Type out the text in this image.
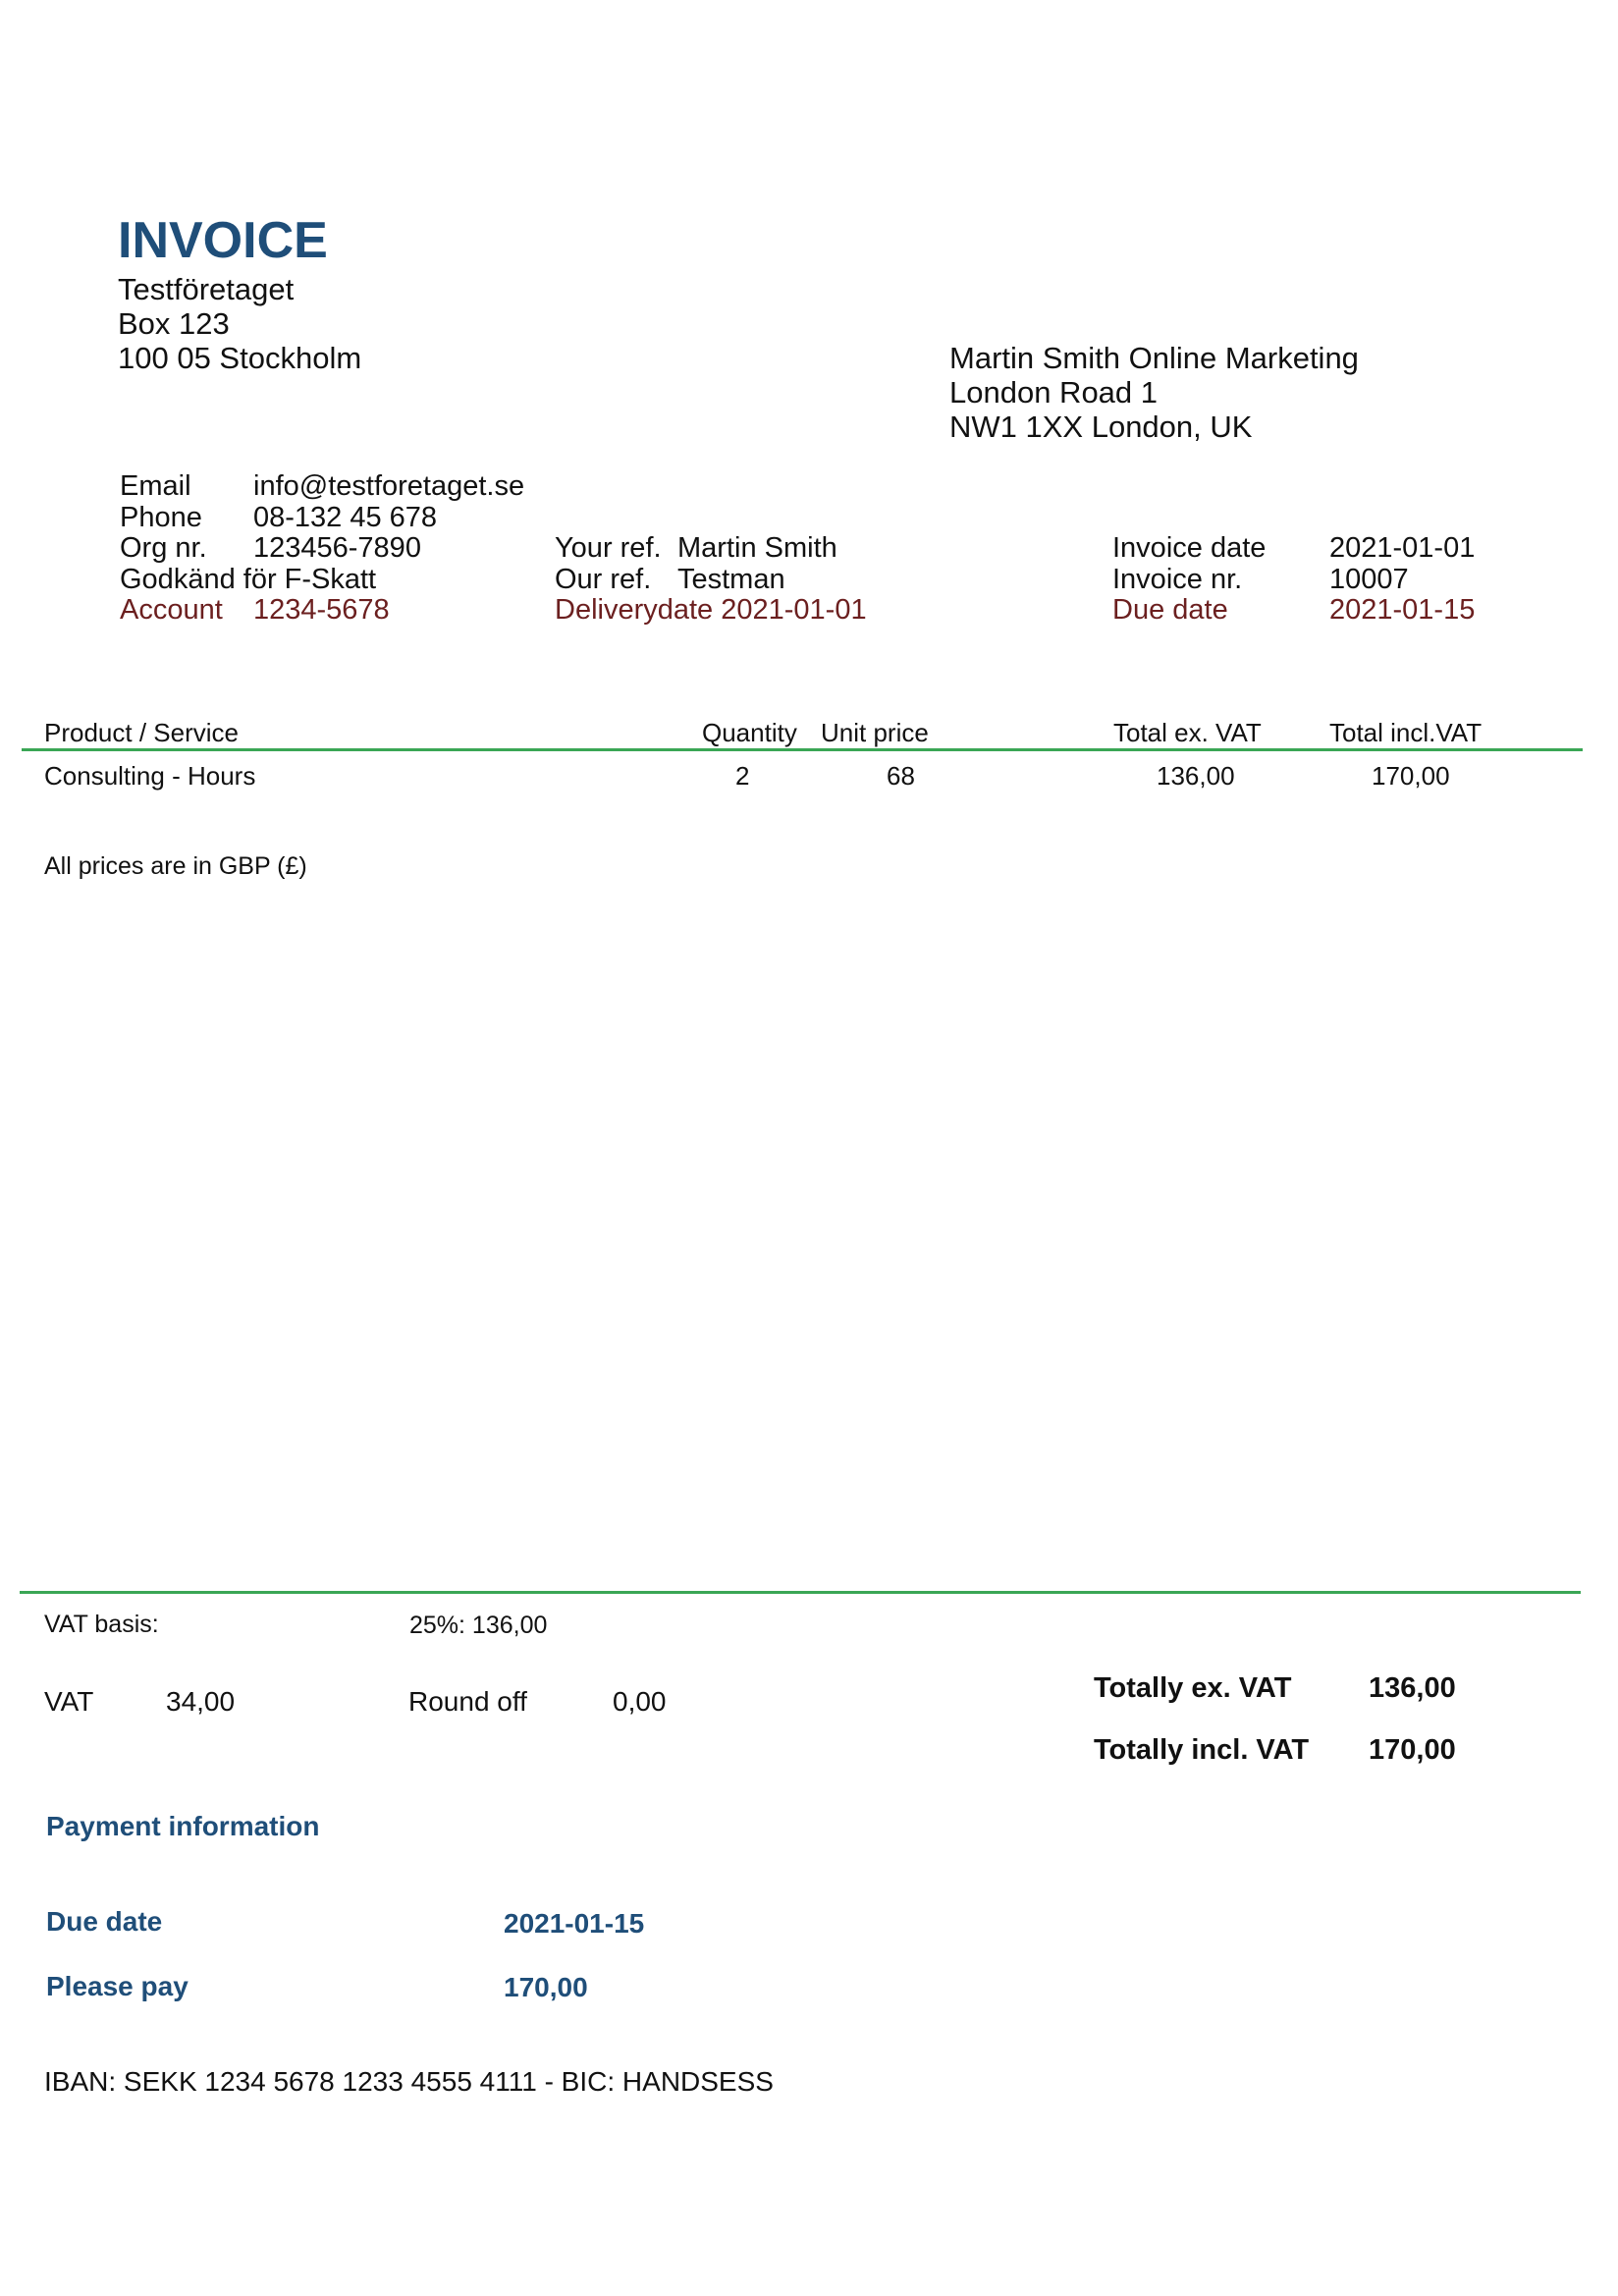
INVOICE
Testföretaget
Box 123
100 05 Stockholm	Martin Smith Online Marketing
London Road 1
NW1 1XX London, UK
Email	info@testforetaget.se
Phone	08-132 45 678
Org nr.	123456-7890
Godkänd för F-Skatt
Account	1234-5678
Your ref. Martin Smith
Our ref. Testman
Deliverydate
2021-01-01
Invoice date	2021-01-01
Invoice nr.	10007
Due date	2021-01-15
Product / Service	Quantity Unit price	Total ex. VAT	Total incl.VAT
Consulting - Hours	2	68	136,00	170,00
All prices are in GBP (£)
VAT basis:	25%: 136,00
VAT	34,00	Round off	0,00	Totally ex. VAT	136,00
Totally incl. VAT	170,00
Payment information
Due date	2021-01-15
Please pay	170,00
IBAN: SEKK 1234 5678 1233 4555 4111 - BIC: HANDSESS
